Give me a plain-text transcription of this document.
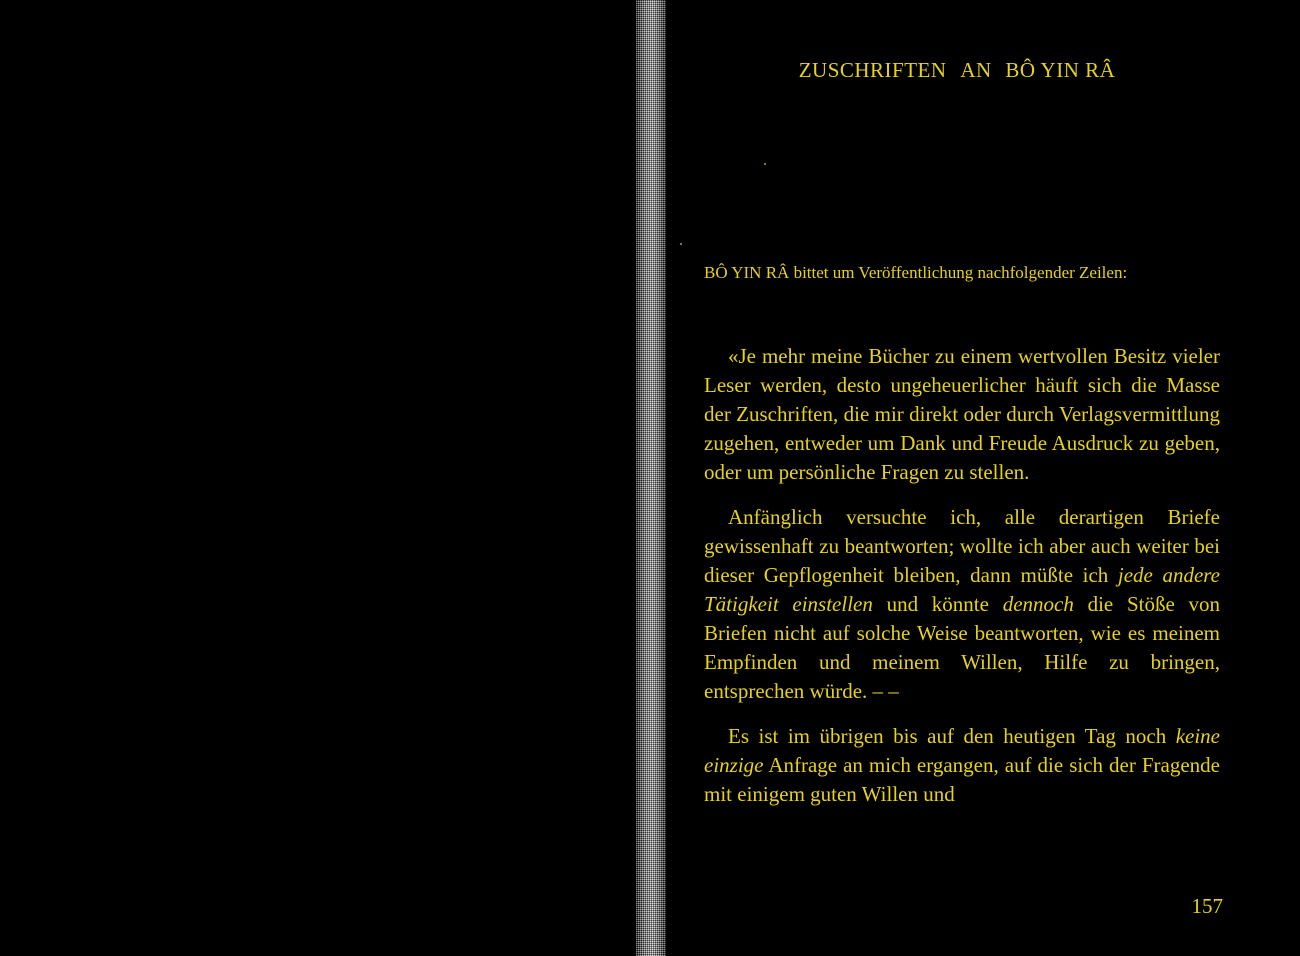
ZUSCHRIFTEN AN BÔ YIN RÂ

BÔ YIN RÂ bittet um Veröffentlichung nachfolgender Zeilen:

«Je mehr meine Bücher zu einem wertvollen Besitz vieler Leser werden, desto ungeheuerlicher häuft sich die Masse der Zuschriften, die mir direkt oder durch Verlagsvermittlung zugehen, entweder um Dank und Freude Ausdruck zu geben, oder um persönliche Fragen zu stellen.

Anfänglich versuchte ich, alle derartigen Briefe gewissenhaft zu beantworten; wollte ich aber auch weiter bei dieser Gepflogenheit bleiben, dann müßte ich jede andere Tätigkeit einstellen und könnte dennoch die Stöße von Briefen nicht auf solche Weise beantworten, wie es meinem Empfinden und meinem Willen, Hilfe zu bringen, entsprechen würde. – –

Es ist im übrigen bis auf den heutigen Tag noch keine einzige Anfrage an mich ergangen, auf die sich der Fragende mit einigem guten Willen und

157
